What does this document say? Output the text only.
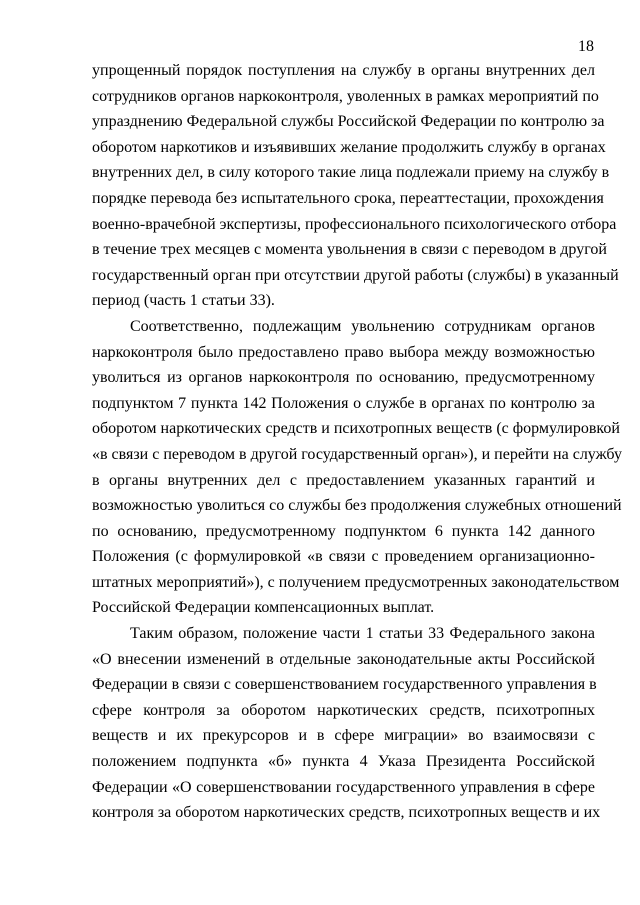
18
упрощенный порядок поступления на службу в органы внутренних дел
сотрудников органов наркоконтроля, уволенных в рамках мероприятий по
упразднению Федеральной службы Российской Федерации по контролю за
оборотом наркотиков и изъявивших желание продолжить службу в органах
внутренних дел, в силу которого такие лица подлежали приему на службу в
порядке перевода без испытательного срока, переаттестации, прохождения
военно-врачебной экспертизы, профессионального психологического отбора
в течение трех месяцев с момента увольнения в связи с переводом в другой
государственный орган при отсутствии другой работы (службы) в указанный
период (часть 1 статьи 33).
Соответственно, подлежащим увольнению сотрудникам органов
наркоконтроля было предоставлено право выбора между возможностью
уволиться из органов наркоконтроля по основанию, предусмотренному
подпунктом 7 пункта 142 Положения о службе в органах по контролю за
оборотом наркотических средств и психотропных веществ (с формулировкой
«в связи с переводом в другой государственный орган»), и перейти на службу
в органы внутренних дел с предоставлением указанных гарантий и
возможностью уволиться со службы без продолжения служебных отношений
по основанию, предусмотренному подпунктом 6 пункта 142 данного
Положения (с формулировкой «в связи с проведением организационно-
штатных мероприятий»), с получением предусмотренных законодательством
Российской Федерации компенсационных выплат.
Таким образом, положение части 1 статьи 33 Федерального закона
«О внесении изменений в отдельные законодательные акты Российской
Федерации в связи с совершенствованием государственного управления в
сфере контроля за оборотом наркотических средств, психотропных
веществ и их прекурсоров и в сфере миграции» во взаимосвязи с
положением подпункта «б» пункта 4 Указа Президента Российской
Федерации «О совершенствовании государственного управления в сфере
контроля за оборотом наркотических средств, психотропных веществ и их
